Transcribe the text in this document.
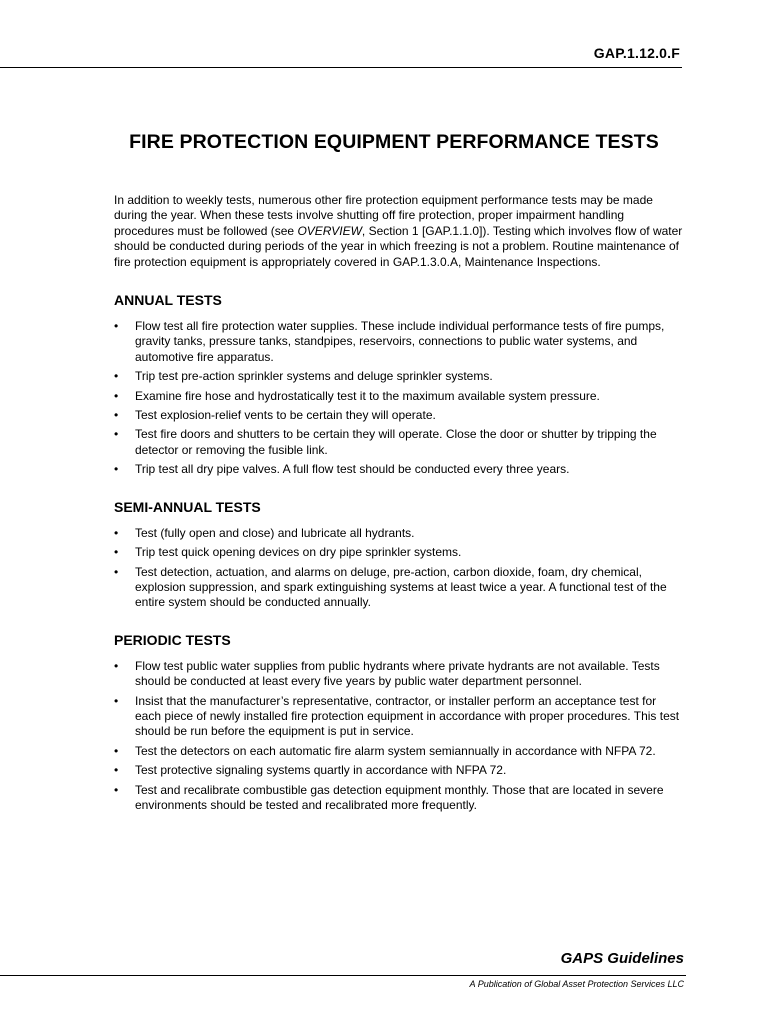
GAP.1.12.0.F
FIRE PROTECTION EQUIPMENT PERFORMANCE TESTS

In addition to weekly tests, numerous other fire protection equipment performance tests may be made during the year. When these tests involve shutting off fire protection, proper impairment handling procedures must be followed (see OVERVIEW, Section 1 [GAP.1.1.0]). Testing which involves flow of water should be conducted during periods of the year in which freezing is not a problem. Routine maintenance of fire protection equipment is appropriately covered in GAP.1.3.0.A, Maintenance Inspections.

ANNUAL TESTS
• Flow test all fire protection water supplies. These include individual performance tests of fire pumps, gravity tanks, pressure tanks, standpipes, reservoirs, connections to public water systems, and automotive fire apparatus.
• Trip test pre-action sprinkler systems and deluge sprinkler systems.
• Examine fire hose and hydrostatically test it to the maximum available system pressure.
• Test explosion-relief vents to be certain they will operate.
• Test fire doors and shutters to be certain they will operate. Close the door or shutter by tripping the detector or removing the fusible link.
• Trip test all dry pipe valves. A full flow test should be conducted every three years.
SEMI-ANNUAL TESTS
• Test (fully open and close) and lubricate all hydrants.
• Trip test quick opening devices on dry pipe sprinkler systems.
• Test detection, actuation, and alarms on deluge, pre-action, carbon dioxide, foam, dry chemical, explosion suppression, and spark extinguishing systems at least twice a year. A functional test of the entire system should be conducted annually.
PERIODIC TESTS
• Flow test public water supplies from public hydrants where private hydrants are not available. Tests should be conducted at least every five years by public water department personnel.
• Insist that the manufacturer’s representative, contractor, or installer perform an acceptance test for each piece of newly installed fire protection equipment in accordance with proper procedures. This test should be run before the equipment is put in service.
• Test the detectors on each automatic fire alarm system semiannually in accordance with NFPA 72.
• Test protective signaling systems quartly in accordance with NFPA 72.
• Test and recalibrate combustible gas detection equipment monthly. Those that are located in severe environments should be tested and recalibrated more frequently.
GAPS Guidelines
A Publication of Global Asset Protection Services LLC
